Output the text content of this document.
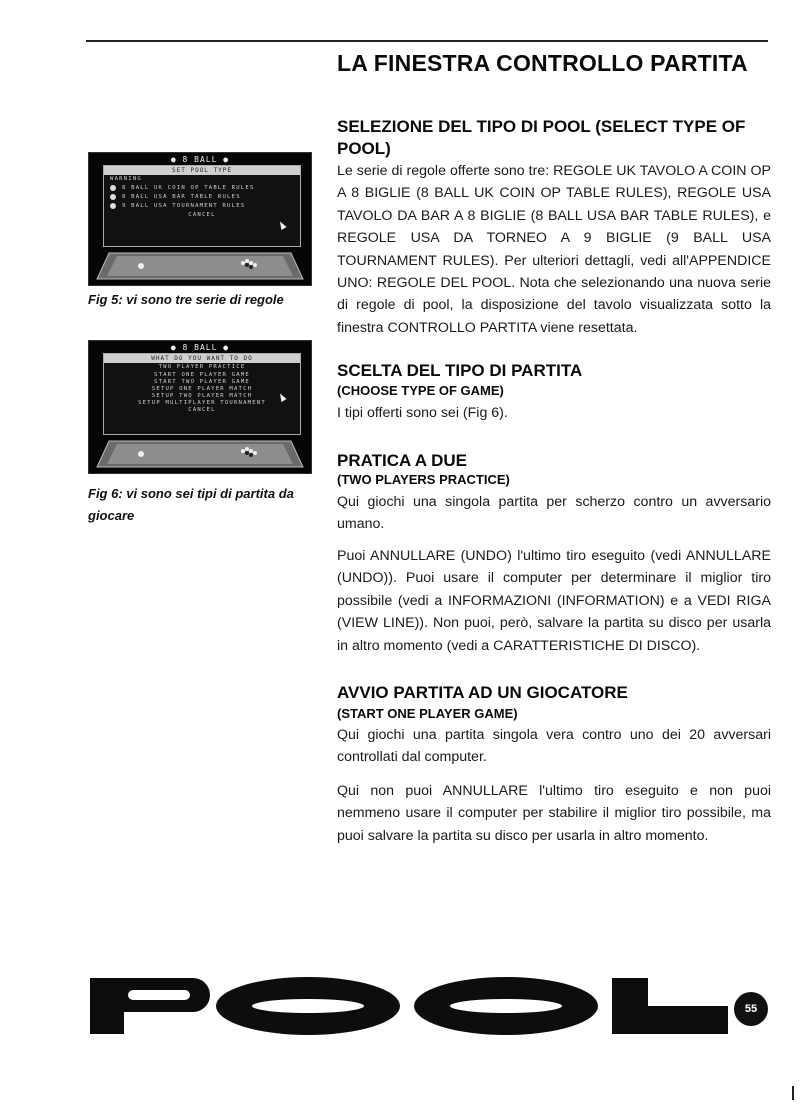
● 8 BALL ●
SET POOL TYPE
WARNING
8 BALL UK COIN OP TABLE RULES
8 BALL USA BAR TABLE RULES
9 BALL USA TOURNAMENT RULES
CANCEL
Fig 5: vi sono tre serie di regole
● 8 BALL ●
WHAT DO YOU WANT TO DO
TWO PLAYER PRACTICE
START ONE PLAYER GAME
START TWO PLAYER GAME
SETUP ONE PLAYER MATCH
SETUP TWO PLAYER MATCH
SETUP MULTIPLAYER TOURNAMENT
CANCEL
Fig 6: vi sono sei tipi di partita da giocare
LA FINESTRA CONTROLLO PARTITA
SELEZIONE DEL TIPO DI POOL (SELECT TYPE OF POOL)
Le serie di regole offerte sono tre: REGOLE UK TAVOLO A COIN OP A 8 BIGLIE (8 BALL UK COIN OP TABLE RULES), REGOLE USA TAVOLO DA BAR A 8 BIGLIE (8 BALL USA BAR TABLE RULES), e REGOLE USA DA TORNEO A 9 BIGLIE (9 BALL USA TOURNAMENT RULES). Per ulteriori dettagli, vedi all'APPENDICE UNO: REGOLE DEL POOL. Nota che selezionando una nuova serie di regole di pool, la disposizione del tavolo visualizzata sotto la finestra CONTROLLO PARTITA viene resettata.
SCELTA DEL TIPO DI PARTITA
(CHOOSE TYPE OF GAME)
I tipi offerti sono sei (Fig 6).
PRATICA A DUE
(TWO PLAYERS PRACTICE)
Qui giochi una singola partita per scherzo contro un avversario umano.
Puoi ANNULLARE (UNDO) l'ultimo tiro eseguito (vedi ANNULLARE (UNDO)). Puoi usare il computer per determinare il miglior tiro possibile (vedi a INFORMAZIONI (INFORMATION) e a VEDI RIGA (VIEW LINE)). Non puoi, però, salvare la partita su disco per usarla in altro momento (vedi a CARATTERISTICHE DI DISCO).
AVVIO PARTITA AD UN GIOCATORE
(START ONE PLAYER GAME)
Qui giochi una partita singola vera contro uno dei 20 avversari controllati dal computer.
Qui non puoi ANNULLARE l'ultimo tiro eseguito e non puoi nemmeno usare il computer per stabilire il miglior tiro possibile, ma puoi salvare la partita su disco per usarla in altro momento.
55
